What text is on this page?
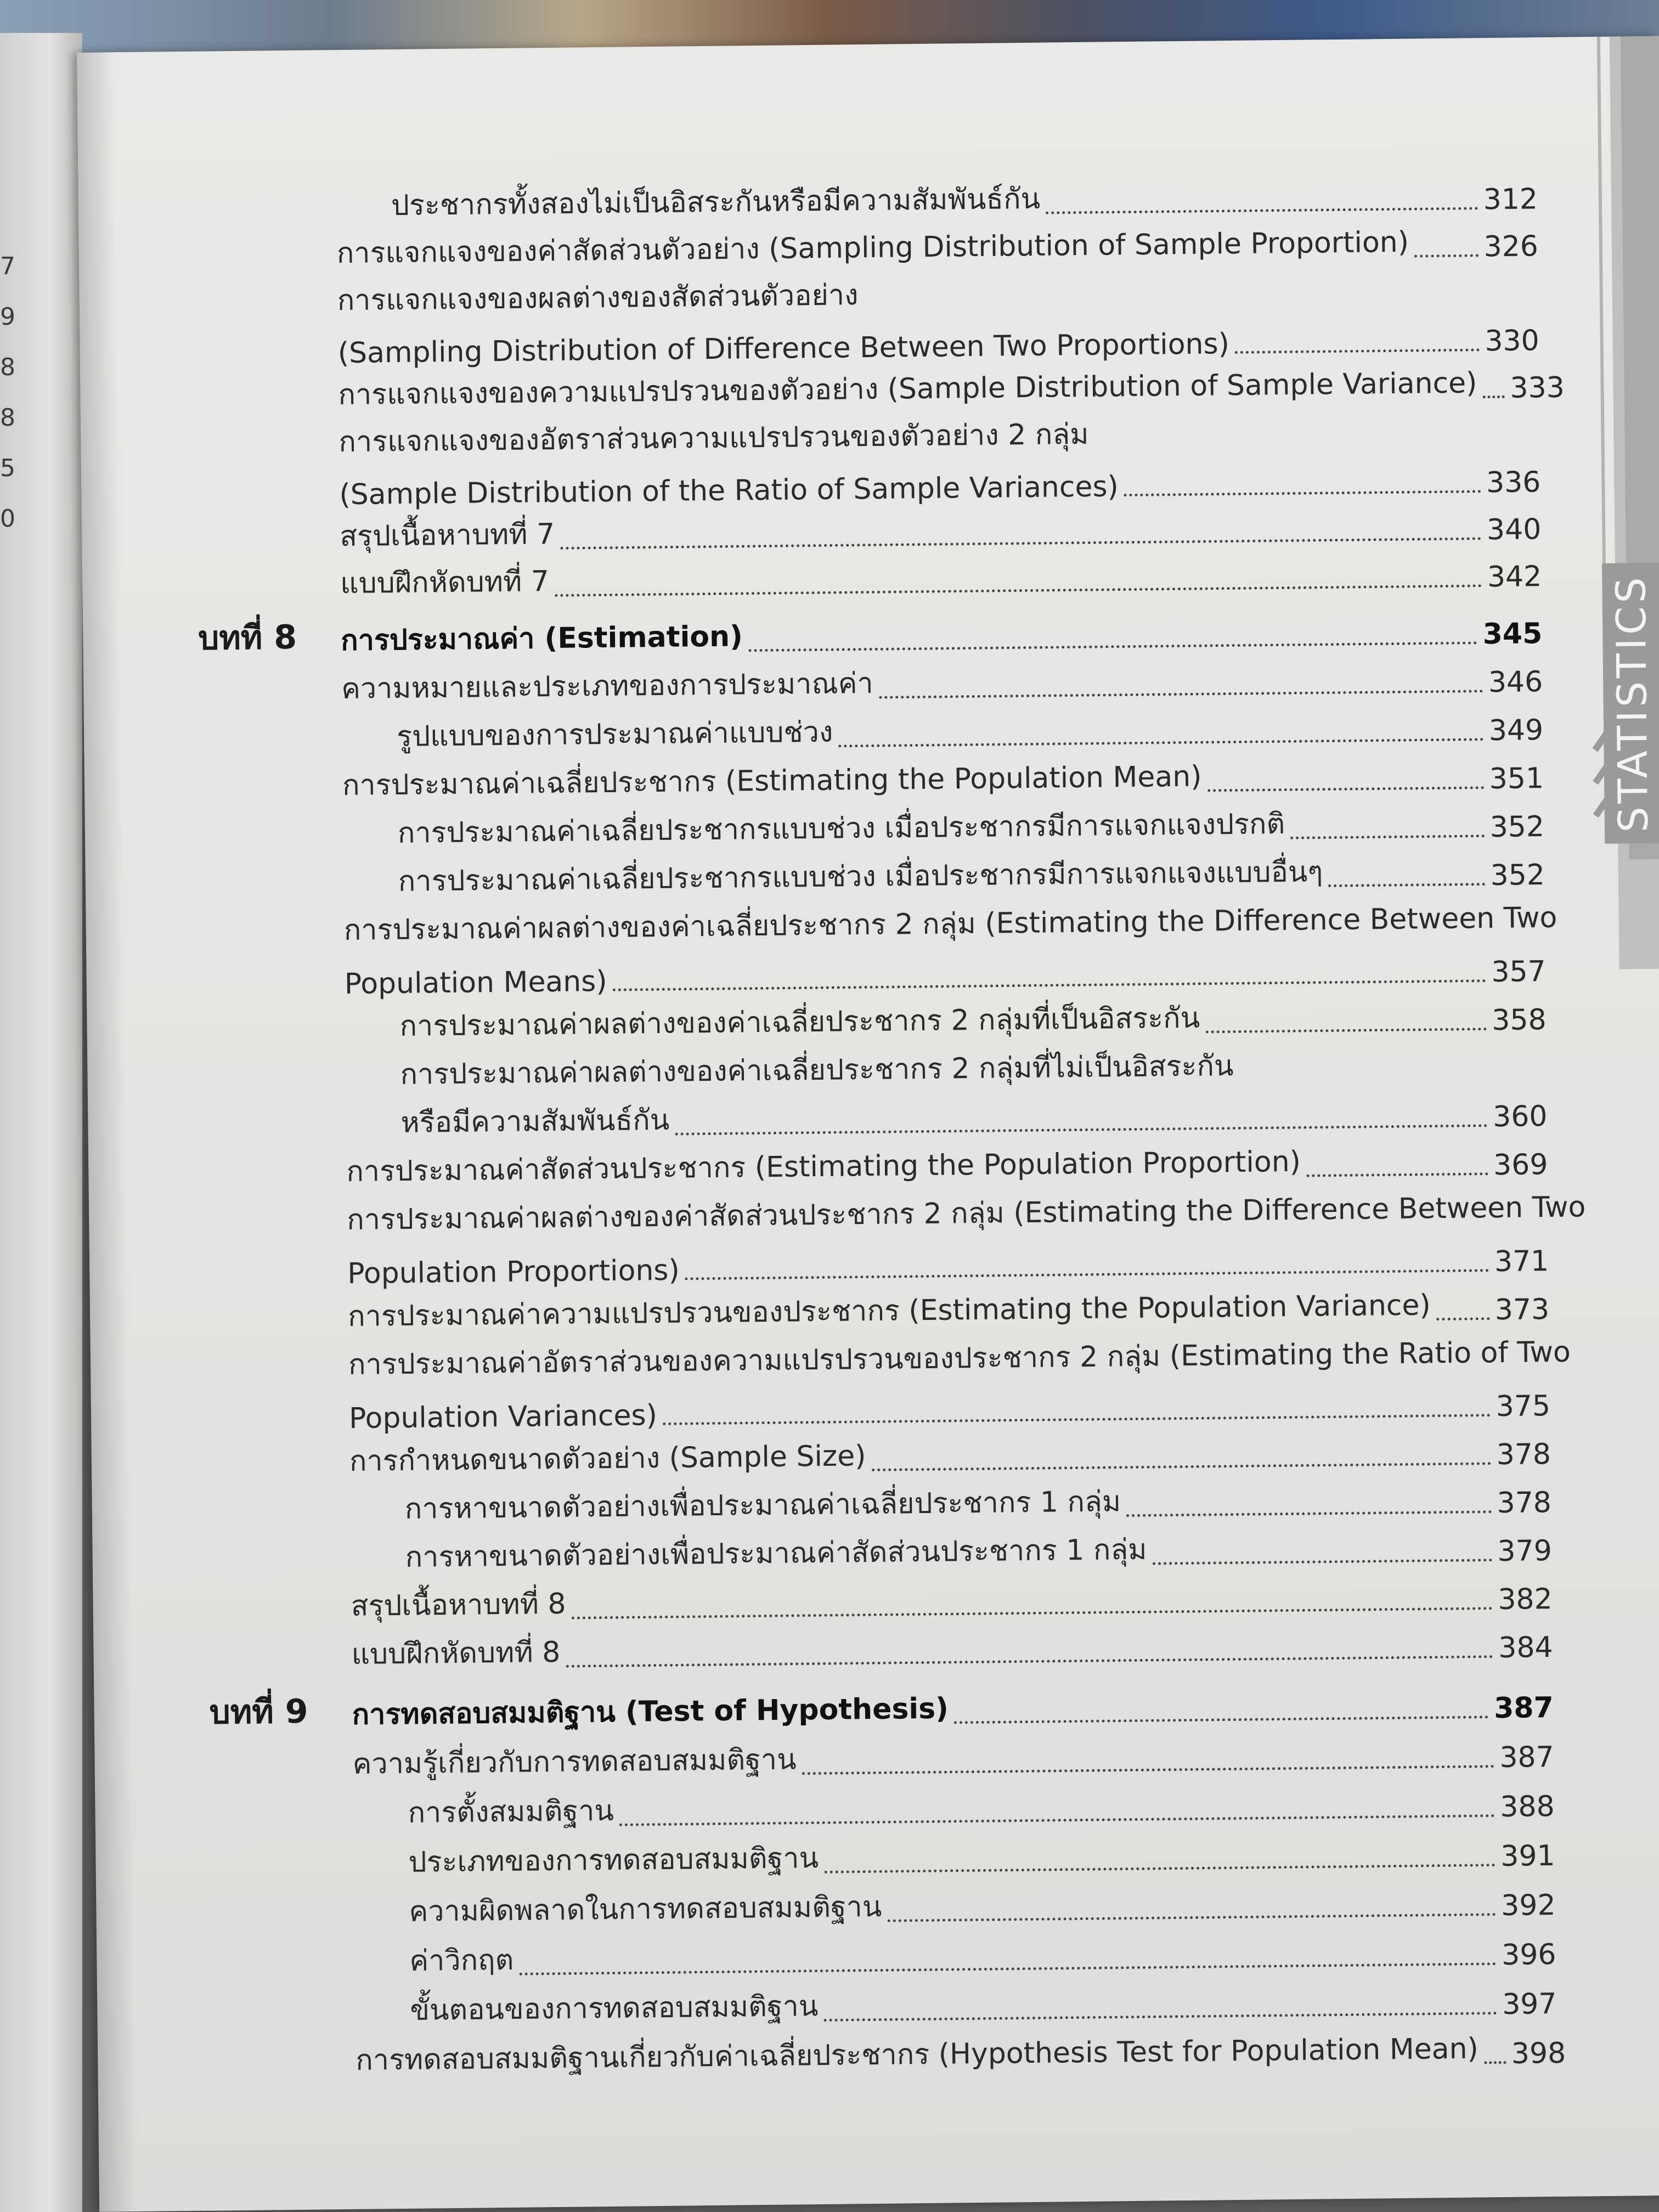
7
9
8
8
5
0
STATISTICS
ประชากรทั้งสองไม่เป็นอิสระกันหรือมีความสัมพันธ์กัน	312
การแจกแจงของค่าสัดส่วนตัวอย่าง (Sampling Distribution of Sample Proportion)	326
การแจกแจงของผลต่างของสัดส่วนตัวอย่าง
(Sampling Distribution of Difference Between Two Proportions)	330
การแจกแจงของความแปรปรวนของตัวอย่าง (Sample Distribution of Sample Variance) 333
การแจกแจงของอัตราส่วนความแปรปรวนของตัวอย่าง 2 กลุ่ม
(Sample Distribution of the Ratio of Sample Variances)	336
สรุปเนื้อหาบทที่ 7	340
แบบฝึกหัดบทที่ 7	342
บทที่ 8 การประมาณค่า (Estimation)	345
ความหมายและประเภทของการประมาณค่า	346
รูปแบบของการประมาณค่าแบบช่วง	349
การประมาณค่าเฉลี่ยประชากร (Estimating the Population Mean)	351
การประมาณค่าเฉลี่ยประชากรแบบช่วง เมื่อประชากรมีการแจกแจงปรกติ	352
การประมาณค่าเฉลี่ยประชากรแบบช่วง เมื่อประชากรมีการแจกแจงแบบอื่นๆ	352
การประมาณค่าผลต่างของค่าเฉลี่ยประชากร 2 กลุ่ม (Estimating the Difference Between Two
Population Means)	357
การประมาณค่าผลต่างของค่าเฉลี่ยประชากร 2 กลุ่มที่เป็นอิสระกัน	358
การประมาณค่าผลต่างของค่าเฉลี่ยประชากร 2 กลุ่มที่ไม่เป็นอิสระกัน
หรือมีความสัมพันธ์กัน	360
การประมาณค่าสัดส่วนประชากร (Estimating the Population Proportion)	369
การประมาณค่าผลต่างของค่าสัดส่วนประชากร 2 กลุ่ม (Estimating the Difference Between Two
Population Proportions)	371
การประมาณค่าความแปรปรวนของประชากร (Estimating the Population Variance) 373
การประมาณค่าอัตราส่วนของความแปรปรวนของประชากร 2 กลุ่ม (Estimating the Ratio of Two
Population Variances)	375
การกำหนดขนาดตัวอย่าง (Sample Size)	378
การหาขนาดตัวอย่างเพื่อประมาณค่าเฉลี่ยประชากร 1 กลุ่ม	378
การหาขนาดตัวอย่างเพื่อประมาณค่าสัดส่วนประชากร 1 กลุ่ม	379
สรุปเนื้อหาบทที่ 8	382
แบบฝึกหัดบทที่ 8	384
บทที่ 9 การทดสอบสมมติฐาน (Test of Hypothesis)	387
ความรู้เกี่ยวกับการทดสอบสมมติฐาน	387
การตั้งสมมติฐาน	388
ประเภทของการทดสอบสมมติฐาน	391
ความผิดพลาดในการทดสอบสมมติฐาน	392
ค่าวิกฤต	396
ขั้นตอนของการทดสอบสมมติฐาน	397
การทดสอบสมมติฐานเกี่ยวกับค่าเฉลี่ยประชากร (Hypothesis Test for Population Mean) 398
